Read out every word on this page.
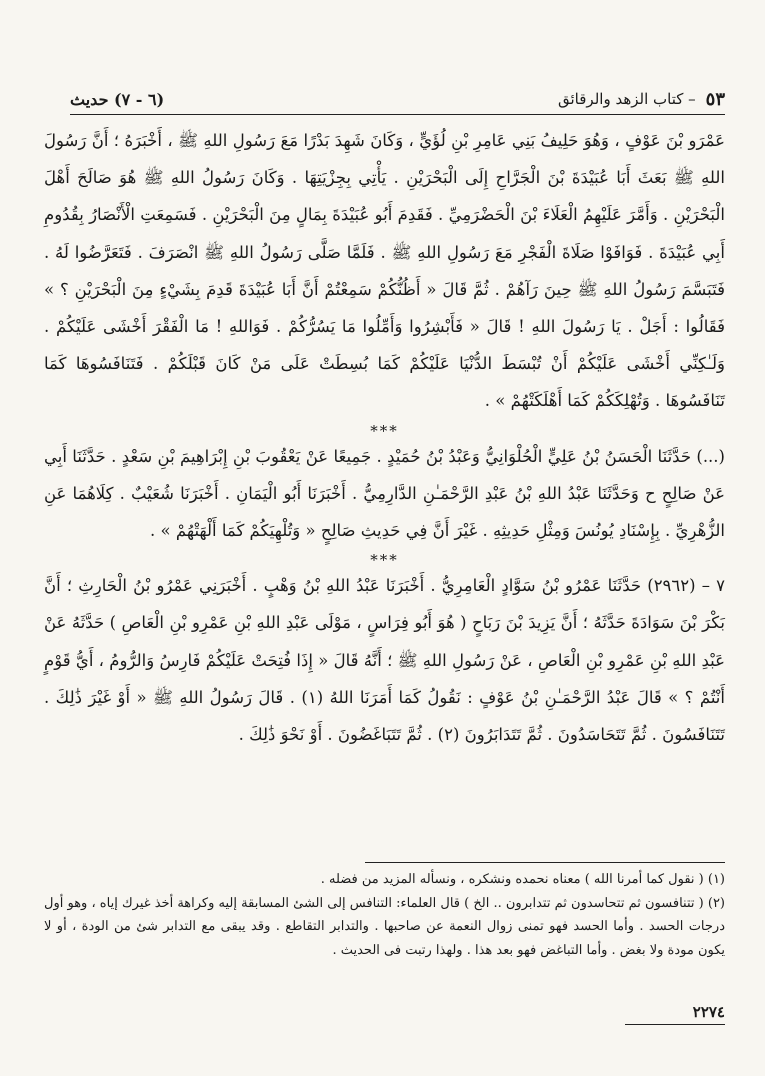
٥٣
– كتاب الزهد والرقائق
(٦ - ٧) حديث

عَمْرَو بْنَ عَوْفٍ ، وَهُوَ حَلِيفُ بَنِي عَامِرِ بْنِ لُؤَيٍّ ، وَكَانَ شَهِدَ بَدْرًا مَعَ رَسُولِ اللهِ ﷺ ، أَخْبَرَهُ ؛ أَنَّ رَسُولَ اللهِ ﷺ بَعَثَ أَبَا عُبَيْدَةَ بْنَ الْجَرَّاحِ إِلَى الْبَحْرَيْنِ . يَأْتِي بِجِزْيَتِهَا . وَكَانَ رَسُولُ اللهِ ﷺ هُوَ صَالَحَ أَهْلَ الْبَحْرَيْنِ . وَأَمَّرَ عَلَيْهِمُ الْعَلَاءَ بْنَ الْحَضْرَمِيِّ . فَقَدِمَ أَبُو عُبَيْدَةَ بِمَالٍ مِنَ الْبَحْرَيْنِ . فَسَمِعَتِ الْأَنْصَارُ بِقُدُومِ أَبِي عُبَيْدَةَ . فَوَافَوْا صَلَاةَ الْفَجْرِ مَعَ رَسُولِ اللهِ ﷺ . فَلَمَّا صَلَّى رَسُولُ اللهِ ﷺ انْصَرَفَ . فَتَعَرَّضُوا لَهُ . فَتَبَسَّمَ رَسُولُ اللهِ ﷺ حِينَ رَآهُمْ . ثُمَّ قَالَ « أَظُنُّكُمْ سَمِعْتُمْ أَنَّ أَبَا عُبَيْدَةَ قَدِمَ بِشَيْءٍ مِنَ الْبَحْرَيْنِ ؟ » فَقَالُوا : أَجَلْ . يَا رَسُولَ اللهِ ! قَالَ « فَأَبْشِرُوا وَأَمِّلُوا مَا يَسُرُّكُمْ . فَوَاللهِ ! مَا الْفَقْرَ أَخْشَى عَلَيْكُمْ . وَلَـٰكِنِّي أَخْشَى عَلَيْكُمْ أَنْ تُبْسَطَ الدُّنْيَا عَلَيْكُمْ كَمَا بُسِطَتْ عَلَى مَنْ كَانَ قَبْلَكُمْ . فَتَنَافَسُوهَا كَمَا تَنَافَسُوهَا . وَتُهْلِكَكُمْ كَمَا أَهْلَكَتْهُمْ » .

***

(...) حَدَّثَنَا الْحَسَنُ بْنُ عَلِيٍّ الْحُلْوَانِيُّ وَعَبْدُ بْنُ حُمَيْدٍ . جَمِيعًا عَنْ يَعْقُوبَ بْنِ إِبْرَاهِيمَ بْنِ سَعْدٍ . حَدَّثَنَا أَبِي عَنْ صَالِحٍ ح وَحَدَّثَنَا عَبْدُ اللهِ بْنُ عَبْدِ الرَّحْمَـٰنِ الدَّارِمِيُّ . أَخْبَرَنَا أَبُو الْيَمَانِ . أَخْبَرَنَا شُعَيْبٌ . كِلَاهُمَا عَنِ الزُّهْرِيِّ . بِإِسْنَادِ يُونُسَ وَمِثْلِ حَدِيثِهِ . غَيْرَ أَنَّ فِي حَدِيثِ صَالِحٍ « وَتُلْهِيَكُمْ كَمَا أَلْهَتْهُمْ » .

***

٧ – (٢٩٦٢) حَدَّثَنَا عَمْرُو بْنُ سَوَّادٍ الْعَامِرِيُّ . أَخْبَرَنَا عَبْدُ اللهِ بْنُ وَهْبٍ . أَخْبَرَنِي عَمْرُو بْنُ الْحَارِثِ ؛ أَنَّ بَكْرَ بْنَ سَوَادَةَ حَدَّثَهُ ؛ أَنَّ يَزِيدَ بْنَ رَبَاحٍ ( هُوَ أَبُو فِرَاسٍ ، مَوْلَى عَبْدِ اللهِ بْنِ عَمْرِو بْنِ الْعَاصِ ) حَدَّثَهُ عَنْ عَبْدِ اللهِ بْنِ عَمْرِو بْنِ الْعَاصِ ، عَنْ رَسُولِ اللهِ ﷺ ؛ أَنَّهُ قَالَ « إِذَا فُتِحَتْ عَلَيْكُمْ فَارِسُ وَالرُّومُ ، أَيُّ قَوْمٍ أَنْتُمْ ؟ » قَالَ عَبْدُ الرَّحْمَـٰنِ بْنُ عَوْفٍ : نَقُولُ كَمَا أَمَرَنَا اللهُ (١) . قَالَ رَسُولُ اللهِ ﷺ « أَوْ غَيْرَ ذَٰلِكَ . تَتَنَافَسُونَ . ثُمَّ تَتَحَاسَدُونَ . ثُمَّ تَتَدَابَرُونَ (٢) . ثُمَّ تَتَبَاغَضُونَ . أَوْ نَحْوَ ذَٰلِكَ .

(١) ( نقول كما أمرنا الله ) معناه نحمده ونشكره ، ونسأله المزيد من فضله .

(٢) ( تتنافسون ثم تتحاسدون ثم تتدابرون .. الخ ) قال العلماء: التنافس إلى الشئ المسابقة إليه وكراهة أخذ غيرك إياه ، وهو أول درجات الحسد . وأما الحسد فهو تمنى زوال النعمة عن صاحبها . والتدابر التقاطع . وقد يبقى مع التدابر شئ من الودة ، أو لا يكون مودة ولا بغض . وأما التباغض فهو بعد هذا . ولهذا رتبت فى الحديث .

٢٢٧٤
